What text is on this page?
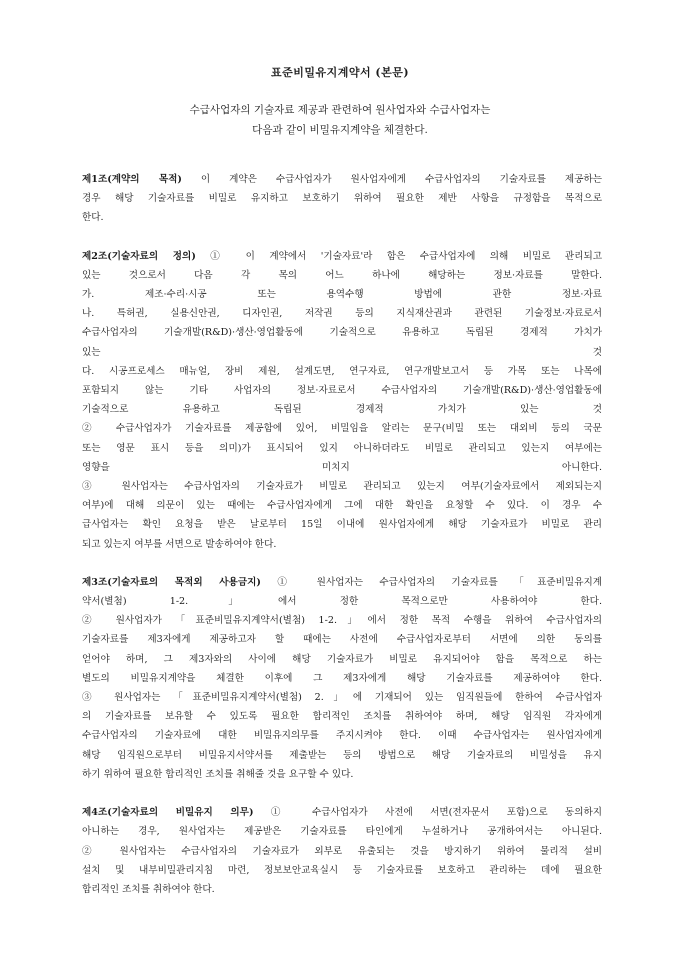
표준비밀유지계약서 (본문)
수급사업자의 기술자료 제공과 관련하여 원사업자와 수급사업자는
다음과 같이 비밀유지계약을 체결한다.

제1조(계약의 목적) 이 계약은 수급사업자가 원사업자에게 수급사업자의 기술자료를 제공하는

경우 해당 기술자료를 비밀로 유지하고 보호하기 위하여 필요한 제반 사항을 규정함을 목적으로

한다.

제2조(기술자료의 정의) ① 이 계약에서 '기술자료'라 함은 수급사업자에 의해 비밀로 관리되고

있는 것으로서 다음 각 목의 어느 하나에 해당하는 정보·자료를 말한다.

가. 제조·수리·시공 또는 용역수행 방법에 관한 정보·자료

나. 특허권, 실용신안권, 디자인권, 저작권 등의 지식재산권과 관련된 기술정보·자료로서

수급사업자의 기술개발(R&D)·생산·영업활동에 기술적으로 유용하고 독립된 경제적 가치가

있는 것

다. 시공프로세스 매뉴얼, 장비 제원, 설계도면, 연구자료, 연구개발보고서 등 가목 또는 나목에

포함되지 않는 기타 사업자의 정보·자료로서 수급사업자의 기술개발(R&D)·생산·영업활동에

기술적으로 유용하고 독립된 경제적 가치가 있는 것

② 수급사업자가 기술자료를 제공함에 있어, 비밀임을 알리는 문구(비밀 또는 대외비 등의 국문

또는 영문 표시 등을 의미)가 표시되어 있지 아니하더라도 비밀로 관리되고 있는지 여부에는

영향을 미치지 아니한다.

③ 원사업자는 수급사업자의 기술자료가 비밀로 관리되고 있는지 여부(기술자료에서 제외되는지

여부)에 대해 의문이 있는 때에는 수급사업자에게 그에 대한 확인을 요청할 수 있다. 이 경우 수

급사업자는 확인 요청을 받은 날로부터 15일 이내에 원사업자에게 해당 기술자료가 비밀로 관리

되고 있는지 여부를 서면으로 발송하여야 한다.

제3조(기술자료의 목적외 사용금지) ① 원사업자는 수급사업자의 기술자료를 「표준비밀유지계

약서(별첨) 1-2.」에서 정한 목적으로만 사용하여야 한다.

② 원사업자가 「표준비밀유지계약서(별첨) 1-2.」에서 정한 목적 수행을 위하여 수급사업자의

기술자료를 제3자에게 제공하고자 할 때에는 사전에 수급사업자로부터 서면에 의한 동의를

얻어야 하며, 그 제3자와의 사이에 해당 기술자료가 비밀로 유지되어야 함을 목적으로 하는

별도의 비밀유지계약을 체결한 이후에 그 제3자에게 해당 기술자료를 제공하여야 한다.

③ 원사업자는 「표준비밀유지계약서(별첨) 2.」에 기재되어 있는 임직원들에 한하여 수급사업자

의 기술자료를 보유할 수 있도록 필요한 합리적인 조치를 취하여야 하며, 해당 임직원 각자에게

수급사업자의 기술자료에 대한 비밀유지의무를 주지시켜야 한다. 이때 수급사업자는 원사업자에게

해당 임직원으로부터 비밀유지서약서를 제출받는 등의 방법으로 해당 기술자료의 비밀성을 유지

하기 위하여 필요한 합리적인 조치를 취해줄 것을 요구할 수 있다.

제4조(기술자료의 비밀유지 의무) ① 수급사업자가 사전에 서면(전자문서 포함)으로 동의하지

아니하는 경우, 원사업자는 제공받은 기술자료를 타인에게 누설하거나 공개하여서는 아니된다.

② 원사업자는 수급사업자의 기술자료가 외부로 유출되는 것을 방지하기 위하여 물리적 설비

설치 및 내부비밀관리지침 마련, 정보보안교육실시 등 기술자료를 보호하고 관리하는 데에 필요한

합리적인 조치를 취하여야 한다.
